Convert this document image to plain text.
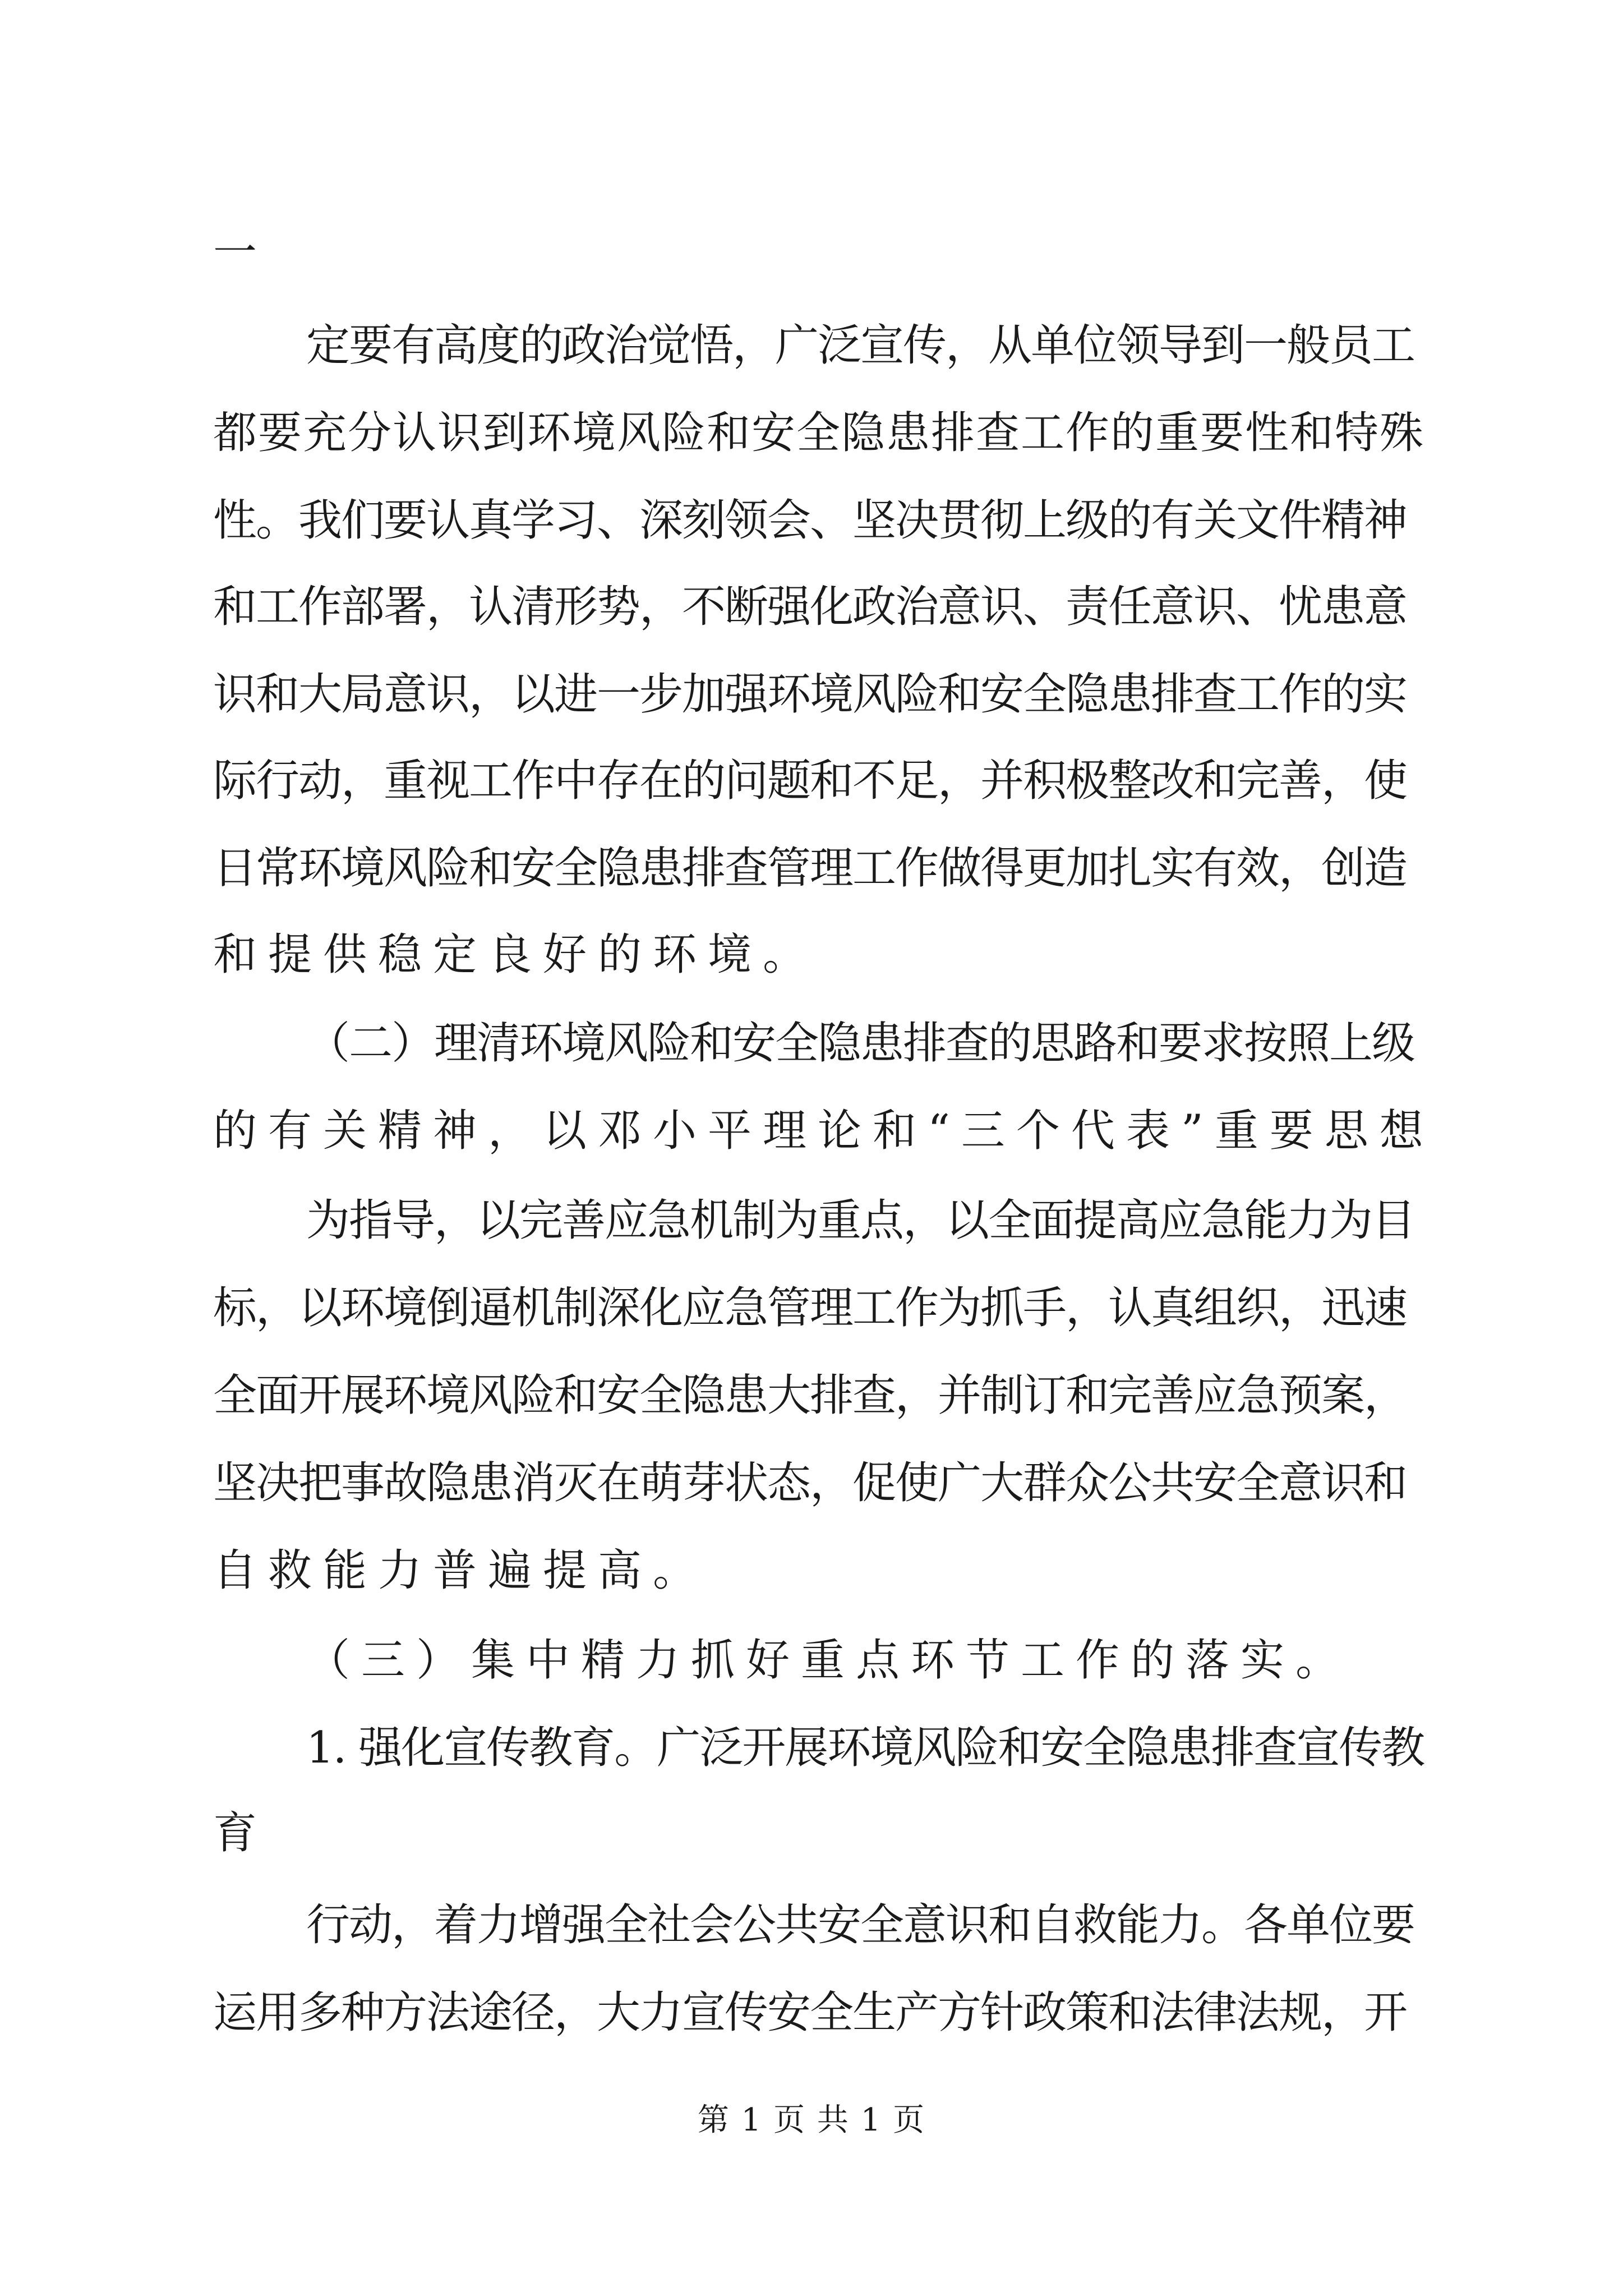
一
定要有高度的政治觉悟，广泛宣传，从单位领导到一般员工
都要充分认识到环境风险和安全隐患排查工作的重要性和特殊
性。我们要认真学习、深刻领会、坚决贯彻上级的有关文件精神
和工作部署，认清形势，不断强化政治意识、责任意识、忧患意
识和大局意识，以进一步加强环境风险和安全隐患排查工作的实
际行动，重视工作中存在的问题和不足，并积极整改和完善，使
日常环境风险和安全隐患排查管理工作做得更加扎实有效，创造
和提供稳定良好的环境。
（二）理清环境风险和安全隐患排查的思路和要求按照上级
的有关精神，以邓小平理论和“三个代表”重要思想
为指导，以完善应急机制为重点，以全面提高应急能力为目
标，以环境倒逼机制深化应急管理工作为抓手，认真组织，迅速
全面开展环境风险和安全隐患大排查，并制订和完善应急预案，
坚决把事故隐患消灭在萌芽状态，促使广大群众公共安全意识和
自救能力普遍提高。
（三）集中精力抓好重点环节工作的落实。
1. 强化宣传教育。广泛开展环境风险和安全隐患排查宣传教
育
行动，着力增强全社会公共安全意识和自救能力。各单位要
运用多种方法途径，大力宣传安全生产方针政策和法律法规，开
第 1 页 共 1 页
